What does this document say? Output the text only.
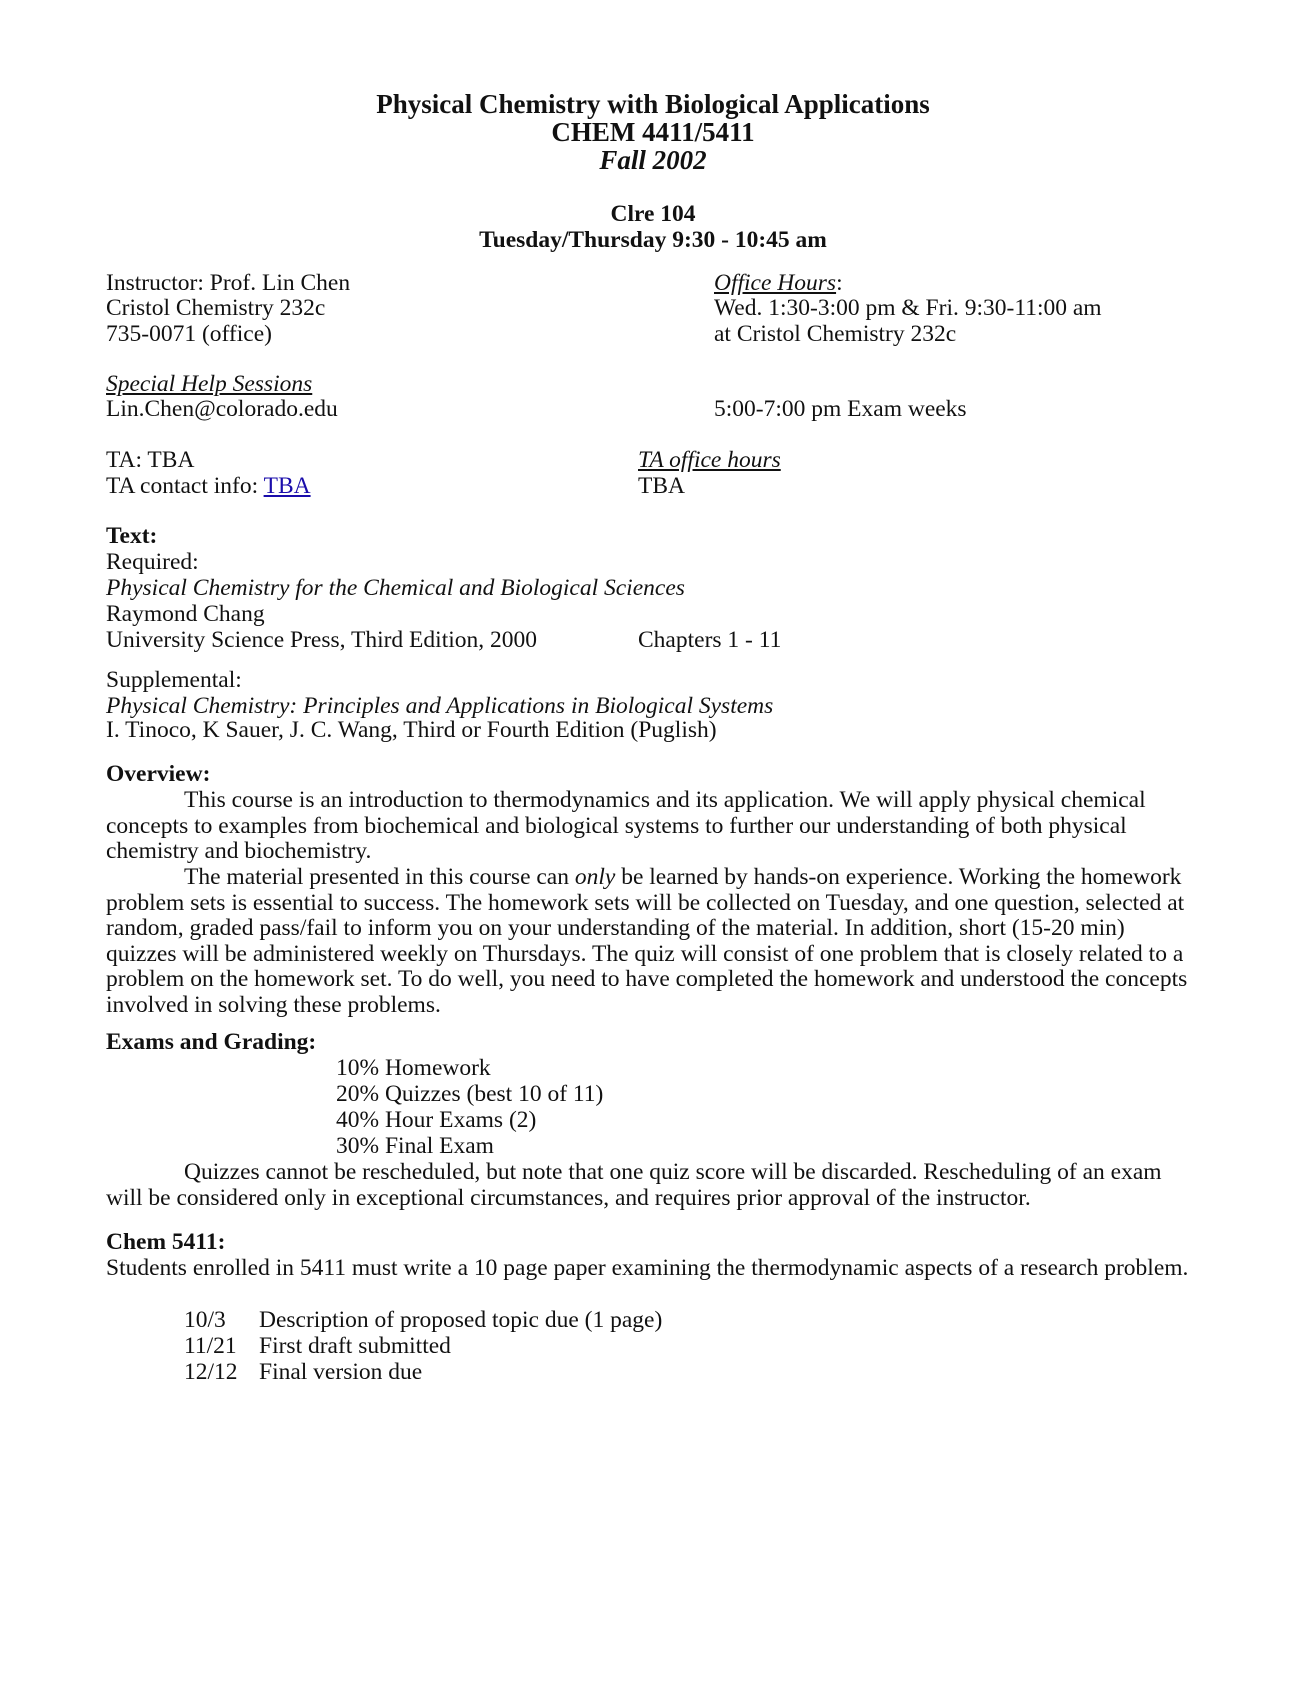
Physical Chemistry with Biological Applications
CHEM 4411/5411
Fall 2002
Clre 104
Tuesday/Thursday 9:30 - 10:45 am
Instructor: Prof. Lin Chen
Cristol Chemistry 232c
735-0071 (office)
Office Hours:
Wed. 1:30-3:00 pm & Fri. 9:30-11:00 am
at Cristol Chemistry 232c
Special Help Sessions
Lin.Chen@colorado.edu	5:00-7:00 pm Exam weeks
TA: TBA
TA contact info: TBA
TA office hours
TBA
Text:
Required:
Physical Chemistry for the Chemical and Biological Sciences
Raymond Chang
University Science Press, Third Edition, 2000	Chapters 1 - 11
Supplemental:
Physical Chemistry: Principles and Applications in Biological Systems
I. Tinoco, K Sauer, J. C. Wang, Third or Fourth Edition (Puglish)
Overview:
This course is an introduction to thermodynamics and its application. We will apply physical chemical concepts to examples from biochemical and biological systems to further our understanding of both physical chemistry and biochemistry.
The material presented in this course can only be learned by hands-on experience. Working the homework problem sets is essential to success. The homework sets will be collected on Tuesday, and one question, selected at random, graded pass/fail to inform you on your understanding of the material. In addition, short (15-20 min) quizzes will be administered weekly on Thursdays. The quiz will consist of one problem that is closely related to a problem on the homework set. To do well, you need to have completed the homework and understood the concepts involved in solving these problems.
Exams and Grading:
10% Homework
20% Quizzes (best 10 of 11)
40% Hour Exams (2)
30% Final Exam
Quizzes cannot be rescheduled, but note that one quiz score will be discarded. Rescheduling of an exam will be considered only in exceptional circumstances, and requires prior approval of the instructor.
Chem 5411:
Students enrolled in 5411 must write a 10 page paper examining the thermodynamic aspects of a research problem.
10/3 Description of proposed topic due (1 page)
11/21 First draft submitted
12/12 Final version due
